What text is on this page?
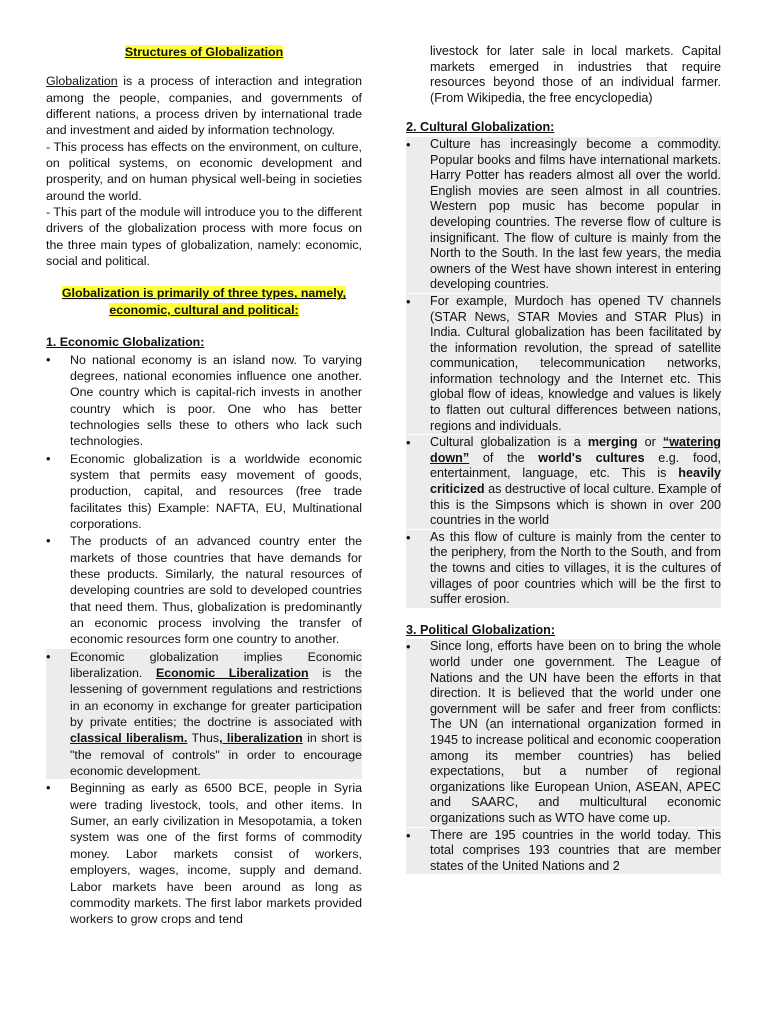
Structures of Globalization

Globalization is a process of interaction and integration among the people, companies, and governments of different nations, a process driven by international trade and investment and aided by information technology.

- This process has effects on the environment, on culture, on political systems, on economic development and prosperity, and on human physical well-being in societies around the world.

- This part of the module will introduce you to the different drivers of the globalization process with more focus on the three main types of globalization, namely: economic, social and political.

Globalization is primarily of three types, namely, economic, cultural and political:

1. Economic Globalization:

• No national economy is an island now. To varying degrees, national economies influence one another. One country which is capital-rich invests in another country which is poor. One who has better technologies sells these to others who lack such technologies.
• Economic globalization is a worldwide economic system that permits easy movement of goods, production, capital, and resources (free trade facilitates this) Example: NAFTA, EU, Multinational corporations.
• The products of an advanced country enter the markets of those countries that have demands for these products. Similarly, the natural resources of developing countries are sold to developed countries that need them. Thus, globalization is predominantly an economic process involving the transfer of economic resources form one country to another.
• Economic globalization implies Economic liberalization. Economic Liberalization is the lessening of government regulations and restrictions in an economy in exchange for greater participation by private entities; the doctrine is associated with classical liberalism. Thus, liberalization in short is "the removal of controls" in order to encourage economic development.
• Beginning as early as 6500 BCE, people in Syria were trading livestock, tools, and other items. In Sumer, an early civilization in Mesopotamia, a token system was one of the first forms of commodity money. Labor markets consist of workers, employers, wages, income, supply and demand. Labor markets have been around as long as commodity markets. The first labor markets provided workers to grow crops and tend

livestock for later sale in local markets. Capital markets emerged in industries that require resources beyond those of an individual farmer. (From Wikipedia, the free encyclopedia)

2. Cultural Globalization:

• Culture has increasingly become a commodity. Popular books and films have international markets. Harry Potter has readers almost all over the world. English movies are seen almost in all countries. Western pop music has become popular in developing countries. The reverse flow of culture is insignificant. The flow of culture is mainly from the North to the South. In the last few years, the media owners of the West have shown interest in entering developing countries.
• For example, Murdoch has opened TV channels (STAR News, STAR Movies and STAR Plus) in India. Cultural globalization has been facilitated by the information revolution, the spread of satellite communication, telecommunication networks, information technology and the Internet etc. This global flow of ideas, knowledge and values is likely to flatten out cultural differences between nations, regions and individuals.
• Cultural globalization is a merging or “watering down” of the world's cultures e.g. food, entertainment, language, etc. This is heavily criticized as destructive of local culture. Example of this is the Simpsons which is shown in over 200 countries in the world
• As this flow of culture is mainly from the center to the periphery, from the North to the South, and from the towns and cities to villages, it is the cultures of villages of poor countries which will be the first to suffer erosion.

3. Political Globalization:

• Since long, efforts have been on to bring the whole world under one government. The League of Nations and the UN have been the efforts in that direction. It is believed that the world under one government will be safer and freer from conflicts: The UN (an international organization formed in 1945 to increase political and economic cooperation among its member countries) has belied expectations, but a number of regional organizations like European Union, ASEAN, APEC and SAARC, and multicultural economic organizations such as WTO have come up.
• There are 195 countries in the world today. This total comprises 193 countries that are member states of the United Nations and 2
